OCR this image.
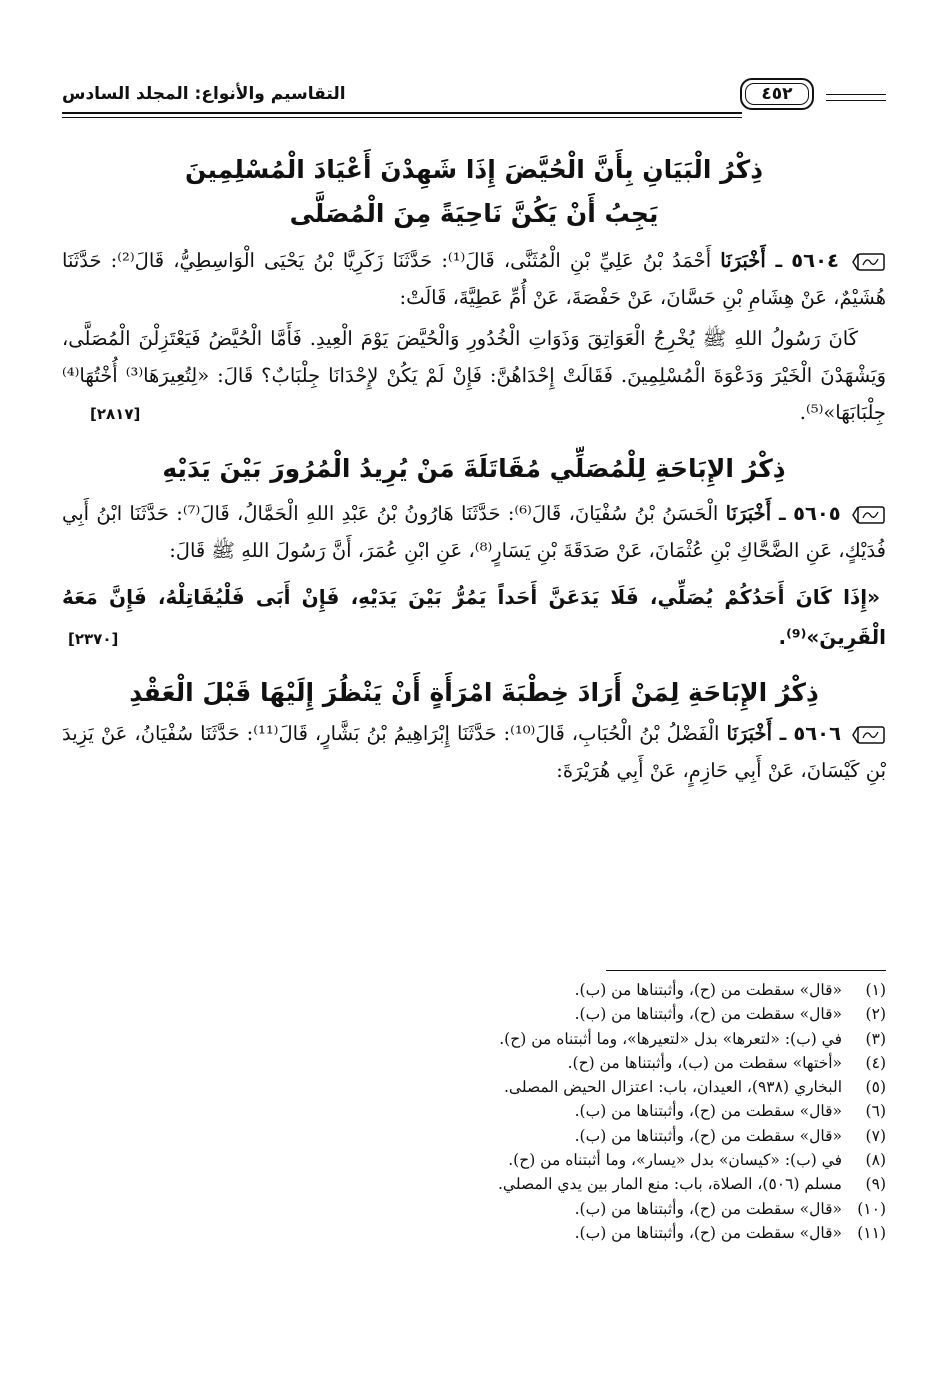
التقاسيم والأنواع: المجلد السادس	٤٥٢
ذِكْرُ الْبَيَانِ بِأَنَّ الْحُيَّضَ إِذَا شَهِدْنَ أَعْيَادَ الْمُسْلِمِينَ
يَجِبُ أَنْ يَكُنَّ نَاحِيَةً مِنَ الْمُصَلَّى

٥٦٠٤ ـ أَخْبَرَنَا أَحْمَدُ بْنُ عَلِيِّ بْنِ الْمُثَنَّى، قَالَ⁽¹⁾: حَدَّثَنَا زَكَرِيَّا بْنُ يَحْيَى الْوَاسِطِيُّ، قَالَ⁽²⁾: حَدَّثَنَا هُشَيْمٌ، عَنْ هِشَامِ بْنِ حَسَّانَ، عَنْ حَفْصَةَ، عَنْ أُمِّ عَطِيَّةَ، قَالَتْ:

كَانَ رَسُولُ اللهِ ﷺ يُخْرِجُ الْعَوَاتِقَ وَذَوَاتِ الْخُدُورِ وَالْحُيَّضَ يَوْمَ الْعِيدِ. فَأَمَّا الْحُيَّضُ فَيَعْتَزِلْنَ الْمُصَلَّى، وَيَشْهَدْنَ الْخَيْرَ وَدَعْوَةَ الْمُسْلِمِينَ. فَقَالَتْ إِحْدَاهُنَّ: فَإِنْ لَمْ يَكُنْ لإِحْدَانَا جِلْبَابٌ؟ قَالَ: «لِتُعِيرَهَا⁽³⁾ أُخْتُهَا⁽⁴⁾ جِلْبَابَهَا»⁽⁵⁾.
[٢٨١٧]

ذِكْرُ الإِبَاحَةِ لِلْمُصَلِّي مُقَاتَلَةَ مَنْ يُرِيدُ الْمُرُورَ بَيْنَ يَدَيْهِ

٥٦٠٥ ـ أَخْبَرَنَا الْحَسَنُ بْنُ سُفْيَانَ، قَالَ⁽⁶⁾: حَدَّثَنَا هَارُونُ بْنُ عَبْدِ اللهِ الْحَمَّالُ، قَالَ⁽⁷⁾: حَدَّثَنَا ابْنُ أَبِي فُدَيْكٍ، عَنِ الضَّحَّاكِ بْنِ عُثْمَانَ، عَنْ صَدَقَةَ بْنِ يَسَارٍ⁽⁸⁾، عَنِ ابْنِ عُمَرَ، أَنَّ رَسُولَ اللهِ ﷺ قَالَ:

«إِذَا كَانَ أَحَدُكُمْ يُصَلِّي، فَلَا يَدَعَنَّ أَحَداً يَمُرُّ بَيْنَ يَدَيْهِ، فَإِنْ أَبَى فَلْيُقَاتِلْهُ، فَإِنَّ مَعَهُ الْقَرِينَ»⁽⁹⁾.
[٢٣٧٠]

ذِكْرُ الإِبَاحَةِ لِمَنْ أَرَادَ خِطْبَةَ امْرَأَةٍ أَنْ يَنْظُرَ إِلَيْهَا قَبْلَ الْعَقْدِ

٥٦٠٦ ـ أَخْبَرَنَا الْفَضْلُ بْنُ الْحُبَابِ، قَالَ⁽¹⁰⁾: حَدَّثَنَا إِبْرَاهِيمُ بْنُ بَشَّارٍ، قَالَ⁽¹¹⁾: حَدَّثَنَا سُفْيَانُ، عَنْ يَزِيدَ بْنِ كَيْسَانَ، عَنْ أَبِي حَازِمٍ، عَنْ أَبِي هُرَيْرَةَ:

(١)«قال» سقطت من (ح)، وأثبتناها من (ب).
(٢)«قال» سقطت من (ح)، وأثبتناها من (ب).
(٣)في (ب): «لتعرها» بدل «لتعيرها»، وما أثبتناه من (ح).
(٤)«أختها» سقطت من (ب)، وأثبتناها من (ح).
(٥)البخاري (٩٣٨)، العيدان، باب: اعتزال الحيض المصلى.
(٦)«قال» سقطت من (ح)، وأثبتناها من (ب).
(٧)«قال» سقطت من (ح)، وأثبتناها من (ب).
(٨)في (ب): «كيسان» بدل «يسار»، وما أثبتناه من (ح).
(٩)مسلم (٥٠٦)، الصلاة، باب: منع المار بين يدي المصلي.
(١٠)«قال» سقطت من (ح)، وأثبتناها من (ب).
(١١)«قال» سقطت من (ح)، وأثبتناها من (ب).
